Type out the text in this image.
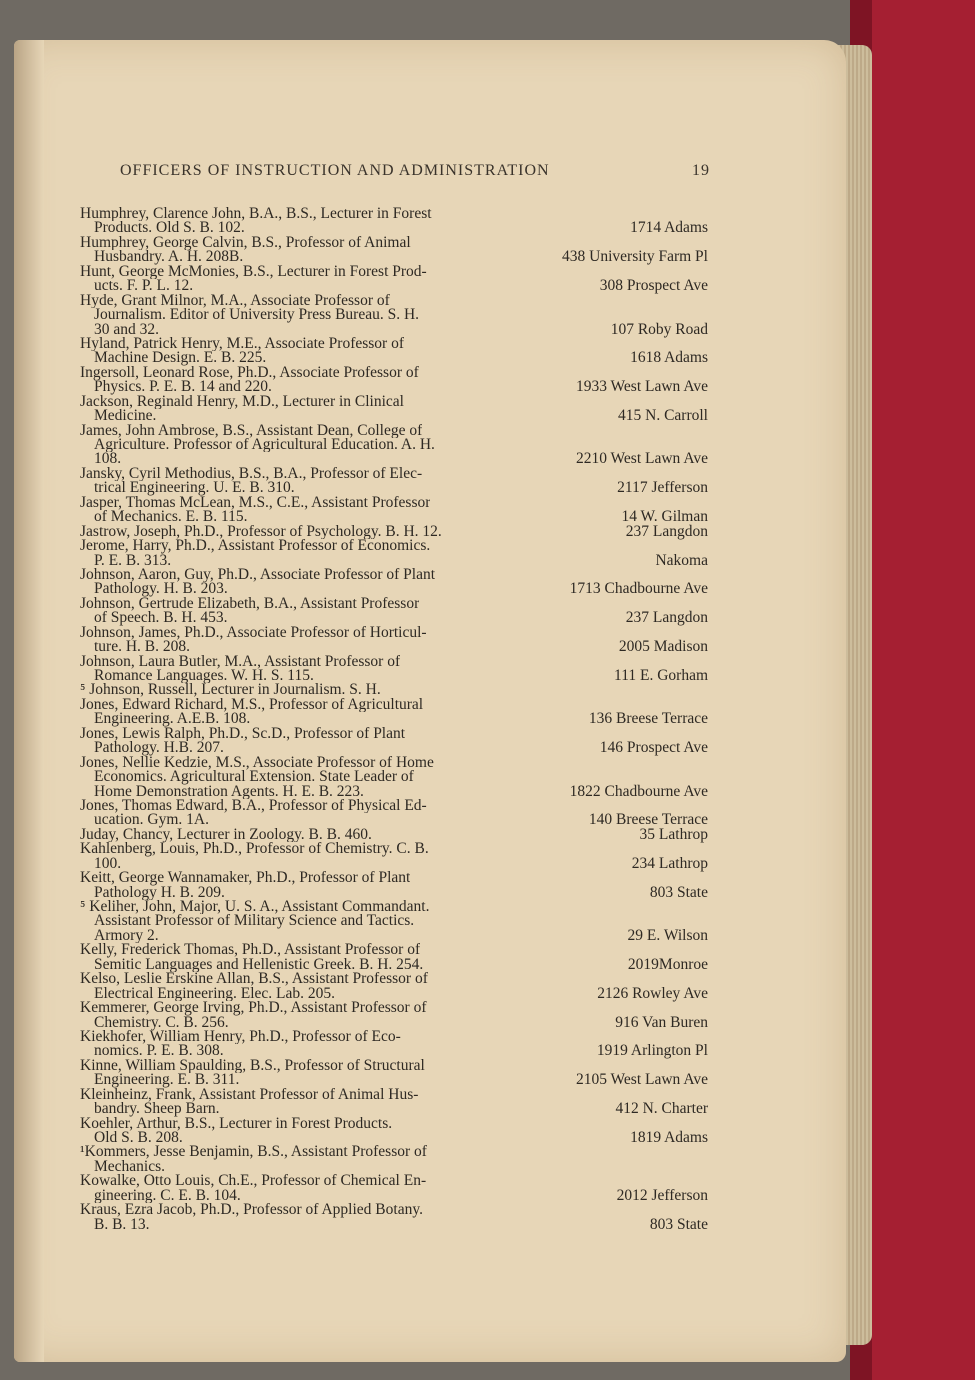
OFFICERS OF INSTRUCTION AND ADMINISTRATION	19
Humphrey, Clarence John, B.A., B.S., Lecturer in Forest
Products. Old S. B. 102.	1714 Adams
Humphrey, George Calvin, B.S., Professor of Animal
Husbandry. A. H. 208B.	438 University Farm Pl
Hunt, George McMonies, B.S., Lecturer in Forest Prod-
ucts. F. P. L. 12.	308 Prospect Ave
Hyde, Grant Milnor, M.A., Associate Professor of
Journalism. Editor of University Press Bureau. S. H.
30 and 32.	107 Roby Road
Hyland, Patrick Henry, M.E., Associate Professor of
Machine Design. E. B. 225.	1618 Adams
Ingersoll, Leonard Rose, Ph.D., Associate Professor of
Physics. P. E. B. 14 and 220.	1933 West Lawn Ave
Jackson, Reginald Henry, M.D., Lecturer in Clinical
Medicine.	415 N. Carroll
James, John Ambrose, B.S., Assistant Dean, College of
Agriculture. Professor of Agricultural Education. A. H.
108.	2210 West Lawn Ave
Jansky, Cyril Methodius, B.S., B.A., Professor of Elec-
trical Engineering. U. E. B. 310.	2117 Jefferson
Jasper, Thomas McLean, M.S., C.E., Assistant Professor
of Mechanics. E. B. 115.	14 W. Gilman
Jastrow, Joseph, Ph.D., Professor of Psychology. B. H. 12.	237 Langdon
Jerome, Harry, Ph.D., Assistant Professor of Economics.
P. E. B. 313.	Nakoma
Johnson, Aaron, Guy, Ph.D., Associate Professor of Plant
Pathology. H. B. 203.	1713 Chadbourne Ave
Johnson, Gertrude Elizabeth, B.A., Assistant Professor
of Speech. B. H. 453.	237 Langdon
Johnson, James, Ph.D., Associate Professor of Horticul-
ture. H. B. 208.	2005 Madison
Johnson, Laura Butler, M.A., Assistant Professor of
Romance Languages. W. H. S. 115.	111 E. Gorham
⁵ Johnson, Russell, Lecturer in Journalism. S. H.
Jones, Edward Richard, M.S., Professor of Agricultural
Engineering. A.E.B. 108.	136 Breese Terrace
Jones, Lewis Ralph, Ph.D., Sc.D., Professor of Plant
Pathology. H.B. 207.	146 Prospect Ave
Jones, Nellie Kedzie, M.S., Associate Professor of Home
Economics. Agricultural Extension. State Leader of
Home Demonstration Agents. H. E. B. 223.	1822 Chadbourne Ave
Jones, Thomas Edward, B.A., Professor of Physical Ed-
ucation. Gym. 1A.	140 Breese Terrace
Juday, Chancy, Lecturer in Zoology. B. B. 460.	35 Lathrop
Kahlenberg, Louis, Ph.D., Professor of Chemistry. C. B.
100.	234 Lathrop
Keitt, George Wannamaker, Ph.D., Professor of Plant
Pathology H. B. 209.	803 State
⁵ Keliher, John, Major, U. S. A., Assistant Commandant.
Assistant Professor of Military Science and Tactics.
Armory 2.	29 E. Wilson
Kelly, Frederick Thomas, Ph.D., Assistant Professor of
Semitic Languages and Hellenistic Greek. B. H. 254.	2019Monroe
Kelso, Leslie Erskine Allan, B.S., Assistant Professor of
Electrical Engineering. Elec. Lab. 205.	2126 Rowley Ave
Kemmerer, George Irving, Ph.D., Assistant Professor of
Chemistry. C. B. 256.	916 Van Buren
Kiekhofer, William Henry, Ph.D., Professor of Eco-
nomics. P. E. B. 308.	1919 Arlington Pl
Kinne, William Spaulding, B.S., Professor of Structural
Engineering. E. B. 311.	2105 West Lawn Ave
Kleinheinz, Frank, Assistant Professor of Animal Hus-
bandry. Sheep Barn.	412 N. Charter
Koehler, Arthur, B.S., Lecturer in Forest Products.
Old S. B. 208.	1819 Adams
¹Kommers, Jesse Benjamin, B.S., Assistant Professor of
Mechanics.
Kowalke, Otto Louis, Ch.E., Professor of Chemical En-
gineering. C. E. B. 104.	2012 Jefferson
Kraus, Ezra Jacob, Ph.D., Professor of Applied Botany.
B. B. 13.	803 State
